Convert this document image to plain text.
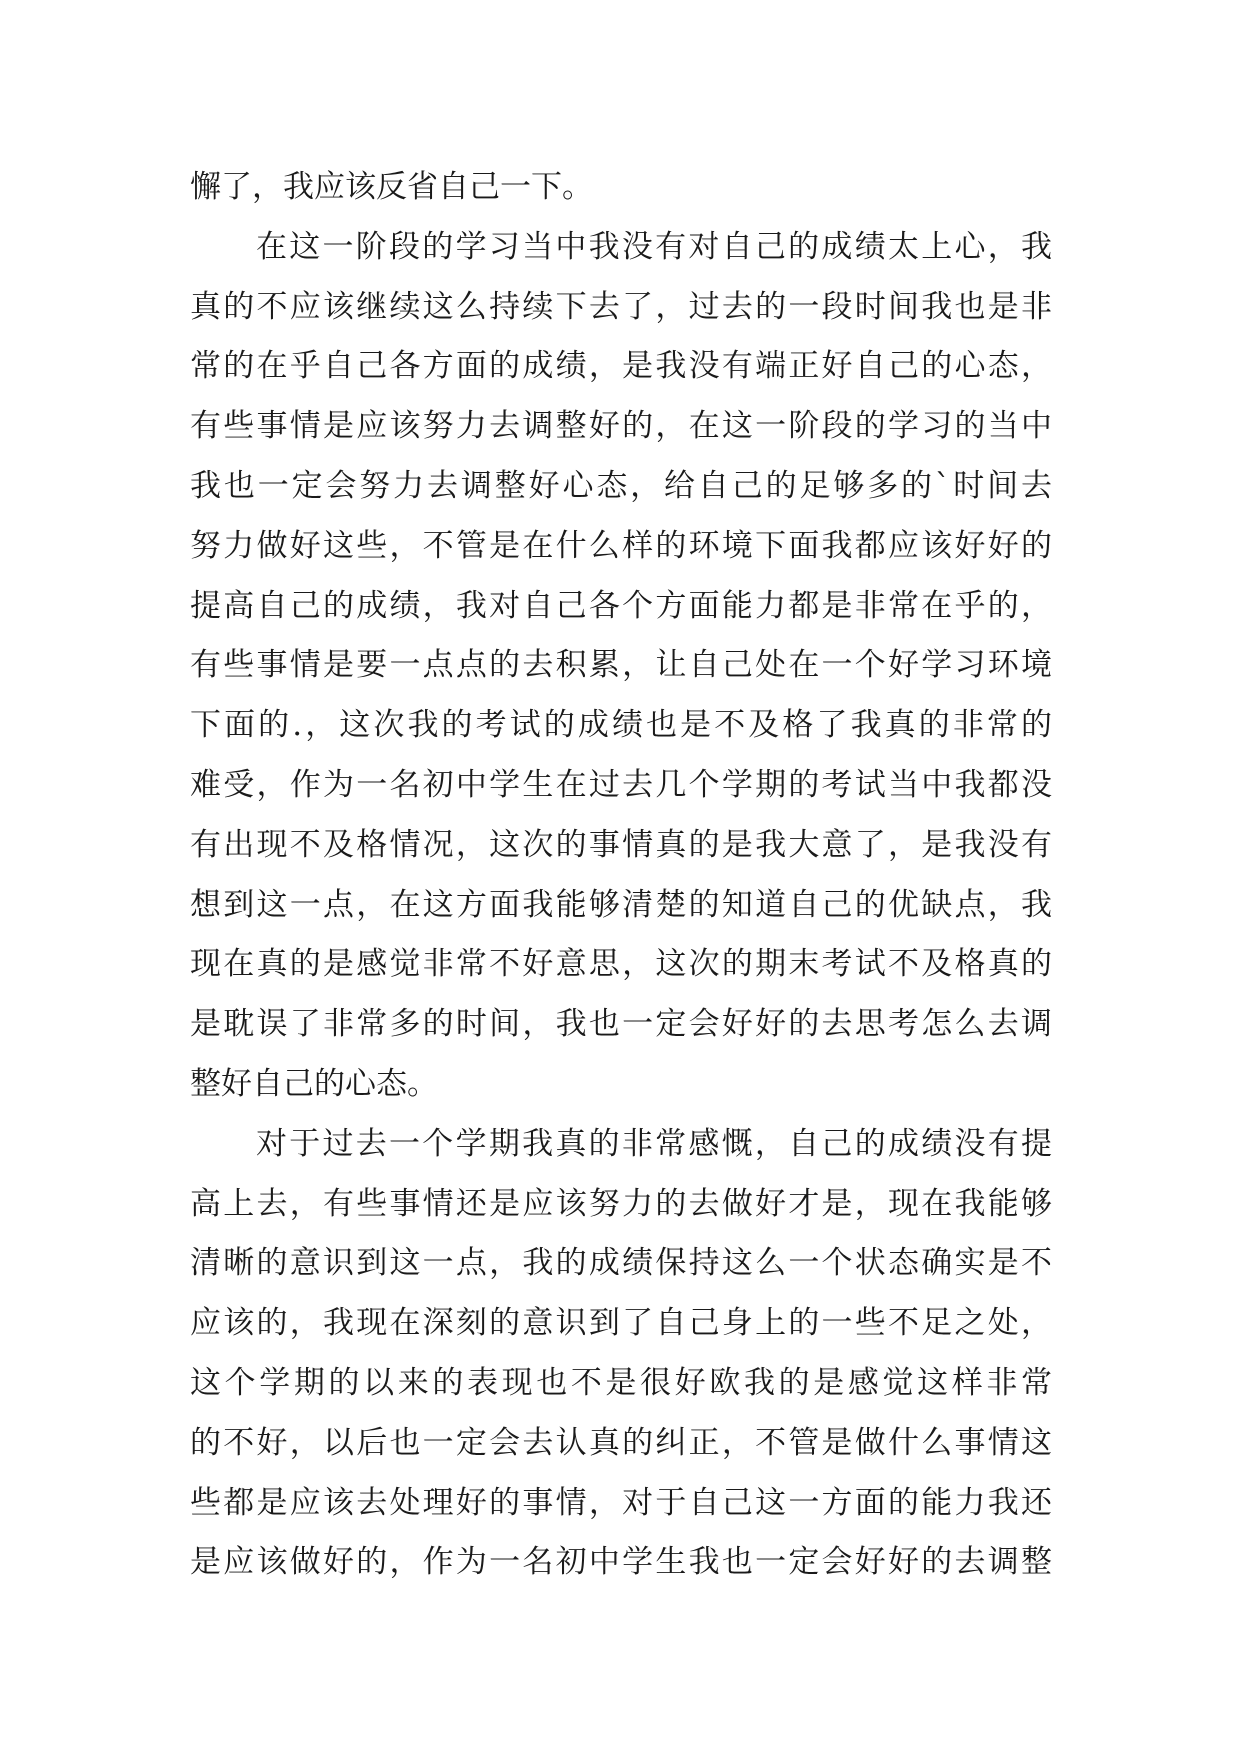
懈了，我应该反省自己一下。
在这一阶段的学习当中我没有对自己的成绩太上心，我
真的不应该继续这么持续下去了，过去的一段时间我也是非
常的在乎自己各方面的成绩，是我没有端正好自己的心态，
有些事情是应该努力去调整好的，在这一阶段的学习的当中
我也一定会努力去调整好心态，给自己的足够多的`时间去
努力做好这些，不管是在什么样的环境下面我都应该好好的
提高自己的成绩，我对自己各个方面能力都是非常在乎的，
有些事情是要一点点的去积累，让自己处在一个好学习环境
下面的.，这次我的考试的成绩也是不及格了我真的非常的
难受，作为一名初中学生在过去几个学期的考试当中我都没
有出现不及格情况，这次的事情真的是我大意了，是我没有
想到这一点，在这方面我能够清楚的知道自己的优缺点，我
现在真的是感觉非常不好意思，这次的期末考试不及格真的
是耽误了非常多的时间，我也一定会好好的去思考怎么去调
整好自己的心态。
对于过去一个学期我真的非常感慨，自己的成绩没有提
高上去，有些事情还是应该努力的去做好才是，现在我能够
清晰的意识到这一点，我的成绩保持这么一个状态确实是不
应该的，我现在深刻的意识到了自己身上的一些不足之处，
这个学期的以来的表现也不是很好欧我的是感觉这样非常
的不好，以后也一定会去认真的纠正，不管是做什么事情这
些都是应该去处理好的事情，对于自己这一方面的能力我还
是应该做好的，作为一名初中学生我也一定会好好的去调整
